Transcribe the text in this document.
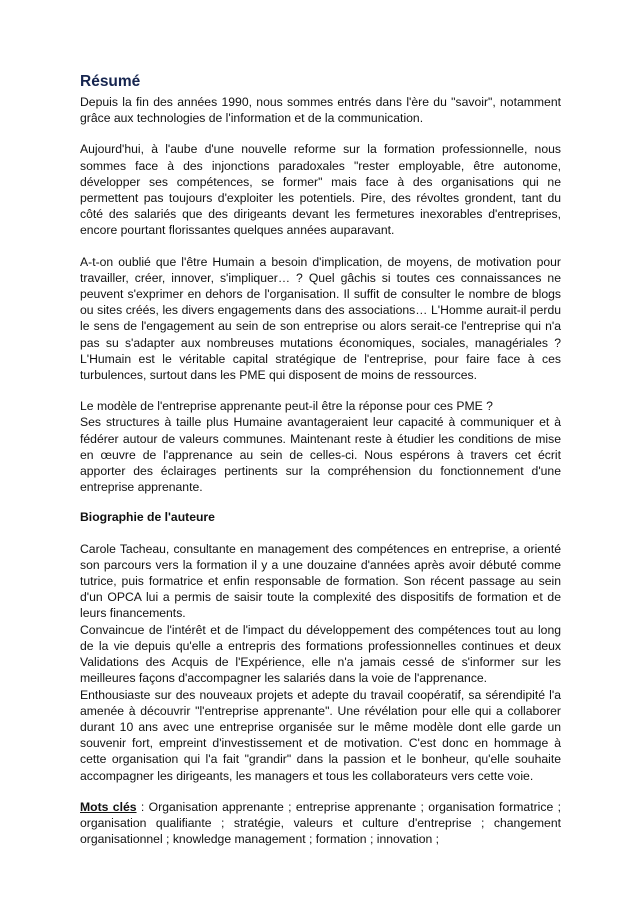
Résumé

Depuis la fin des années 1990, nous sommes entrés dans l'ère du "savoir", notamment grâce aux technologies de l'information et de la communication.

Aujourd'hui, à l'aube d'une nouvelle reforme sur la formation professionnelle, nous sommes face à des injonctions paradoxales "rester employable, être autonome, développer ses compétences, se former" mais face à des organisations qui ne permettent pas toujours d'exploiter les potentiels. Pire, des révoltes grondent, tant du côté des salariés que des dirigeants devant les fermetures inexorables d'entreprises, encore pourtant florissantes quelques années auparavant.

A-t-on oublié que l'être Humain a besoin d'implication, de moyens, de motivation pour travailler, créer, innover, s'impliquer… ? Quel gâchis si toutes ces connaissances ne peuvent s'exprimer en dehors de l'organisation. Il suffit de consulter le nombre de blogs ou sites créés, les divers engagements dans des associations… L'Homme aurait-il perdu le sens de l'engagement au sein de son entreprise ou alors serait-ce l'entreprise qui n'a pas su s'adapter aux nombreuses mutations économiques, sociales, managériales ? L'Humain est le véritable capital stratégique de l'entreprise, pour faire face à ces turbulences, surtout dans les PME qui disposent de moins de ressources.

Le modèle de l'entreprise apprenante peut-il être la réponse pour ces PME ?

Ses structures à taille plus Humaine avantageraient leur capacité à communiquer et à fédérer autour de valeurs communes. Maintenant reste à étudier les conditions de mise en œuvre de l'apprenance au sein de celles-ci. Nous espérons à travers cet écrit apporter des éclairages pertinents sur la compréhension du fonctionnement d'une entreprise apprenante.

Biographie de l'auteure

Carole Tacheau, consultante en management des compétences en entreprise, a orienté son parcours vers la formation il y a une douzaine d'années après avoir débuté comme tutrice, puis formatrice et enfin responsable de formation. Son récent passage au sein d'un OPCA lui a permis de saisir toute la complexité des dispositifs de formation et de leurs financements.

Convaincue de l'intérêt et de l'impact du développement des compétences tout au long de la vie depuis qu'elle a entrepris des formations professionnelles continues et deux Validations des Acquis de l'Expérience, elle n'a jamais cessé de s'informer sur les meilleures façons d'accompagner les salariés dans la voie de l'apprenance.

Enthousiaste sur des nouveaux projets et adepte du travail coopératif, sa sérendipité l'a amenée à découvrir "l'entreprise apprenante". Une révélation pour elle qui a collaborer durant 10 ans avec une entreprise organisée sur le même modèle dont elle garde un souvenir fort, empreint d'investissement et de motivation. C'est donc en hommage à cette organisation qui l'a fait "grandir" dans la passion et le bonheur, qu'elle souhaite accompagner les dirigeants, les managers et tous les collaborateurs vers cette voie.

Mots clés : Organisation apprenante ; entreprise apprenante ; organisation formatrice ; organisation qualifiante ; stratégie, valeurs et culture d'entreprise ; changement organisationnel ; knowledge management ; formation ; innovation ;
